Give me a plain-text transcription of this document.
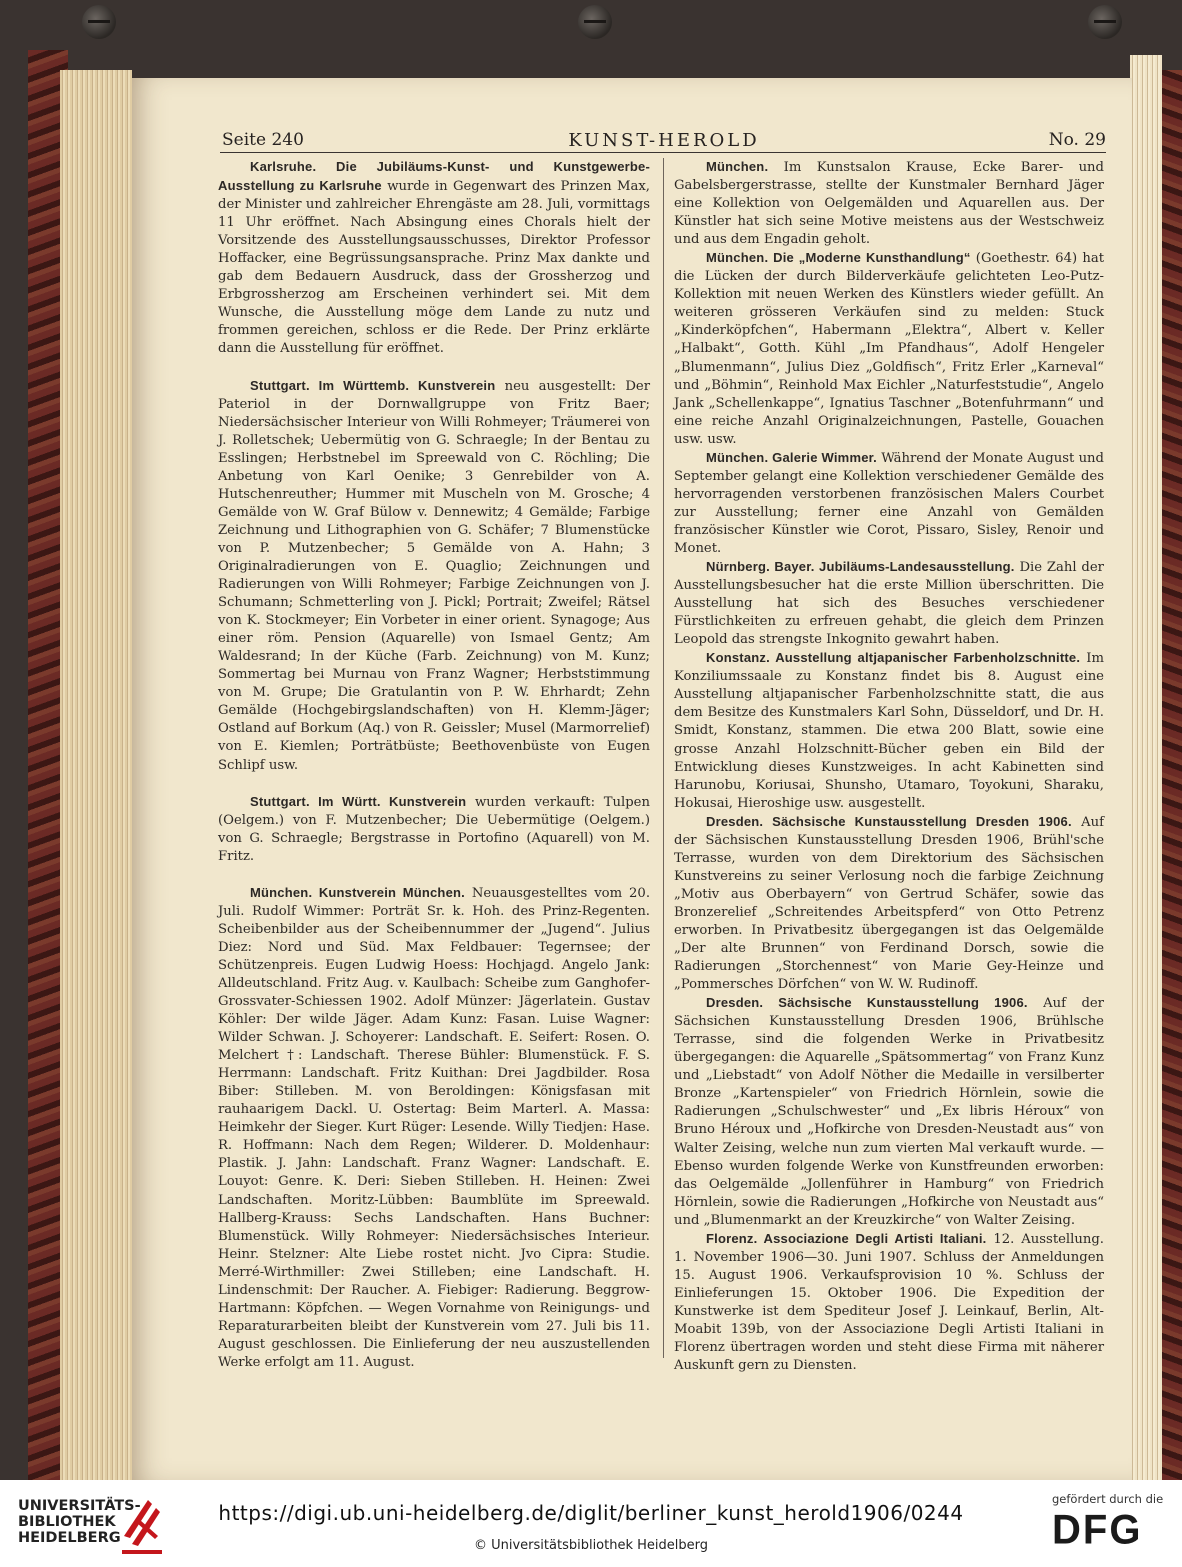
Seite 240	KUNST-HEROLD	No. 29

Karlsruhe. Die Jubiläums-Kunst- und Kunstgewerbe-Ausstellung zu Karlsruhe wurde in Gegenwart des Prinzen Max, der Minister und zahlreicher Ehrengäste am 28. Juli, vormittags 11 Uhr eröffnet. Nach Absingung eines Chorals hielt der Vorsitzende des Ausstellungsausschusses, Direktor Professor Hoffacker, eine Begrüssungsansprache. Prinz Max dankte und gab dem Bedauern Ausdruck, dass der Grossherzog und Erbgrossherzog am Erscheinen verhindert sei. Mit dem Wunsche, die Ausstellung möge dem Lande zu nutz und frommen gereichen, schloss er die Rede. Der Prinz erklärte dann die Ausstellung für eröffnet.

Stuttgart. Im Württemb. Kunstverein neu ausgestellt: Der Pateriol in der Dornwallgruppe von Fritz Baer; Niedersächsischer Interieur von Willi Rohmeyer; Träumerei von J. Rolletschek; Uebermütig von G. Schraegle; In der Bentau zu Esslingen; Herbstnebel im Spreewald von C. Röchling; Die Anbetung von Karl Oenike; 3 Genrebilder von A. Hutschenreuther; Hummer mit Muscheln von M. Grosche; 4 Gemälde von W. Graf Bülow v. Dennewitz; 4 Gemälde; Farbige Zeichnung und Lithographien von G. Schäfer; 7 Blumenstücke von P. Mutzenbecher; 5 Gemälde von A. Hahn; 3 Originalradierungen von E. Quaglio; Zeichnungen und Radierungen von Willi Rohmeyer; Farbige Zeichnungen von J. Schumann; Schmetterling von J. Pickl; Portrait; Zweifel; Rätsel von K. Stockmeyer; Ein Vorbeter in einer orient. Synagoge; Aus einer röm. Pension (Aquarelle) von Ismael Gentz; Am Waldesrand; In der Küche (Farb. Zeichnung) von M. Kunz; Sommertag bei Murnau von Franz Wagner; Herbststimmung von M. Grupe; Die Gratulantin von P. W. Ehrhardt; Zehn Gemälde (Hochgebirgslandschaften) von H. Klemm-Jäger; Ostland auf Borkum (Aq.) von R. Geissler; Musel (Marmorrelief) von E. Kiemlen; Porträtbüste; Beethovenbüste von Eugen Schlipf usw.

Stuttgart. Im Württ. Kunstverein wurden verkauft: Tulpen (Oelgem.) von F. Mutzenbecher; Die Uebermütige (Oelgem.) von G. Schraegle; Bergstrasse in Portofino (Aquarell) von M. Fritz.

München. Kunstverein München. Neuausgestelltes vom 20. Juli. Rudolf Wimmer: Porträt Sr. k. Hoh. des Prinz-Regenten. Scheibenbilder aus der Scheibennummer der „Jugend“. Julius Diez: Nord und Süd. Max Feldbauer: Tegernsee; der Schützenpreis. Eugen Ludwig Hoess: Hochjagd. Angelo Jank: Alldeutschland. Fritz Aug. v. Kaulbach: Scheibe zum Ganghofer-Grossvater-Schiessen 1902. Adolf Münzer: Jägerlatein. Gustav Köhler: Der wilde Jäger. Adam Kunz: Fasan. Luise Wagner: Wilder Schwan. J. Schoyerer: Landschaft. E. Seifert: Rosen. O. Melchert †: Landschaft. Therese Bühler: Blumenstück. F. S. Herrmann: Landschaft. Fritz Kuithan: Drei Jagdbilder. Rosa Biber: Stilleben. M. von Beroldingen: Königsfasan mit rauhaarigem Dackl. U. Ostertag: Beim Marterl. A. Massa: Heimkehr der Sieger. Kurt Rüger: Lesende. Willy Tiedjen: Hase. R. Hoffmann: Nach dem Regen; Wilderer. D. Moldenhaur: Plastik. J. Jahn: Landschaft. Franz Wagner: Landschaft. E. Louyot: Genre. K. Deri: Sieben Stilleben. H. Heinen: Zwei Landschaften. Moritz-Lübben: Baumblüte im Spreewald. Hallberg-Krauss: Sechs Landschaften. Hans Buchner: Blumenstück. Willy Rohmeyer: Niedersächsisches Interieur. Heinr. Stelzner: Alte Liebe rostet nicht. Jvo Cipra: Studie. Merré-Wirthmiller: Zwei Stilleben; eine Landschaft. H. Lindenschmit: Der Raucher. A. Fiebiger: Radierung. Beggrow-Hartmann: Köpfchen. — Wegen Vornahme von Reinigungs- und Reparaturarbeiten bleibt der Kunstverein vom 27. Juli bis 11. August geschlossen. Die Einlieferung der neu auszustellenden Werke erfolgt am 11. August.

München. Im Kunstsalon Krause, Ecke Barer- und Gabelsbergerstrasse, stellte der Kunstmaler Bernhard Jäger eine Kollektion von Oelgemälden und Aquarellen aus. Der Künstler hat sich seine Motive meistens aus der Westschweiz und aus dem Engadin geholt.

München. Die „Moderne Kunsthandlung“ (Goethestr. 64) hat die Lücken der durch Bilderverkäufe gelichteten Leo-Putz-Kollektion mit neuen Werken des Künstlers wieder gefüllt. An weiteren grösseren Verkäufen sind zu melden: Stuck „Kinderköpfchen“, Habermann „Elektra“, Albert v. Keller „Halbakt“, Gotth. Kühl „Im Pfandhaus“, Adolf Hengeler „Blumenmann“, Julius Diez „Goldfisch“, Fritz Erler „Karneval“ und „Böhmin“, Reinhold Max Eichler „Naturfeststudie“, Angelo Jank „Schellenkappe“, Ignatius Taschner „Botenfuhrmann“ und eine reiche Anzahl Originalzeichnungen, Pastelle, Gouachen usw. usw.

München. Galerie Wimmer. Während der Monate August und September gelangt eine Kollektion verschiedener Gemälde des hervorragenden verstorbenen französischen Malers Courbet zur Ausstellung; ferner eine Anzahl von Gemälden französischer Künstler wie Corot, Pissaro, Sisley, Renoir und Monet.

Nürnberg. Bayer. Jubiläums-Landesausstellung. Die Zahl der Ausstellungsbesucher hat die erste Million überschritten. Die Ausstellung hat sich des Besuches verschiedener Fürstlichkeiten zu erfreuen gehabt, die gleich dem Prinzen Leopold das strengste Inkognito gewahrt haben.

Konstanz. Ausstellung altjapanischer Farbenholzschnitte. Im Konziliumssaale zu Konstanz findet bis 8. August eine Ausstellung altjapanischer Farbenholzschnitte statt, die aus dem Besitze des Kunstmalers Karl Sohn, Düsseldorf, und Dr. H. Smidt, Konstanz, stammen. Die etwa 200 Blatt, sowie eine grosse Anzahl Holzschnitt-Bücher geben ein Bild der Entwicklung dieses Kunstzweiges. In acht Kabinetten sind Harunobu, Koriusai, Shunsho, Utamaro, Toyokuni, Sharaku, Hokusai, Hieroshige usw. ausgestellt.

Dresden. Sächsische Kunstausstellung Dresden 1906. Auf der Sächsischen Kunstausstellung Dresden 1906, Brühl'sche Terrasse, wurden von dem Direktorium des Sächsischen Kunstvereins zu seiner Verlosung noch die farbige Zeichnung „Motiv aus Oberbayern“ von Gertrud Schäfer, sowie das Bronzerelief „Schreitendes Arbeitspferd“ von Otto Petrenz erworben. In Privatbesitz übergegangen ist das Oelgemälde „Der alte Brunnen“ von Ferdinand Dorsch, sowie die Radierungen „Storchennest“ von Marie Gey-Heinze und „Pommersches Dörfchen“ von W. W. Rudinoff.

Dresden. Sächsische Kunstausstellung 1906. Auf der Sächsichen Kunstausstellung Dresden 1906, Brühlsche Terrasse, sind die folgenden Werke in Privatbesitz übergegangen: die Aquarelle „Spätsommertag“ von Franz Kunz und „Liebstadt“ von Adolf Nöther die Medaille in versilberter Bronze „Kartenspieler“ von Friedrich Hörnlein, sowie die Radierungen „Schulschwester“ und „Ex libris Héroux“ von Bruno Héroux und „Hofkirche von Dresden-Neustadt aus“ von Walter Zeising, welche nun zum vierten Mal verkauft wurde. — Ebenso wurden folgende Werke von Kunstfreunden erworben: das Oelgemälde „Jollenführer in Hamburg“ von Friedrich Hörnlein, sowie die Radierungen „Hofkirche von Neustadt aus“ und „Blumenmarkt an der Kreuzkirche“ von Walter Zeising.

Florenz. Associazione Degli Artisti Italiani. 12. Ausstellung. 1. November 1906—30. Juni 1907. Schluss der Anmeldungen 15. August 1906. Verkaufsprovision 10 %. Schluss der Einlieferungen 15. Oktober 1906. Die Expedition der Kunstwerke ist dem Spediteur Josef J. Leinkauf, Berlin, Alt-Moabit 139b, von der Associazione Degli Artisti Italiani in Florenz übertragen worden und steht diese Firma mit näherer Auskunft gern zu Diensten.

UNIVERSITÄTS-
BIBLIOTHEK
HEIDELBERG
https://digi.ub.uni-heidelberg.de/diglit/berliner_kunst_herold1906/0244
© Universitätsbibliothek Heidelberg
gefördert durch die
DFG
